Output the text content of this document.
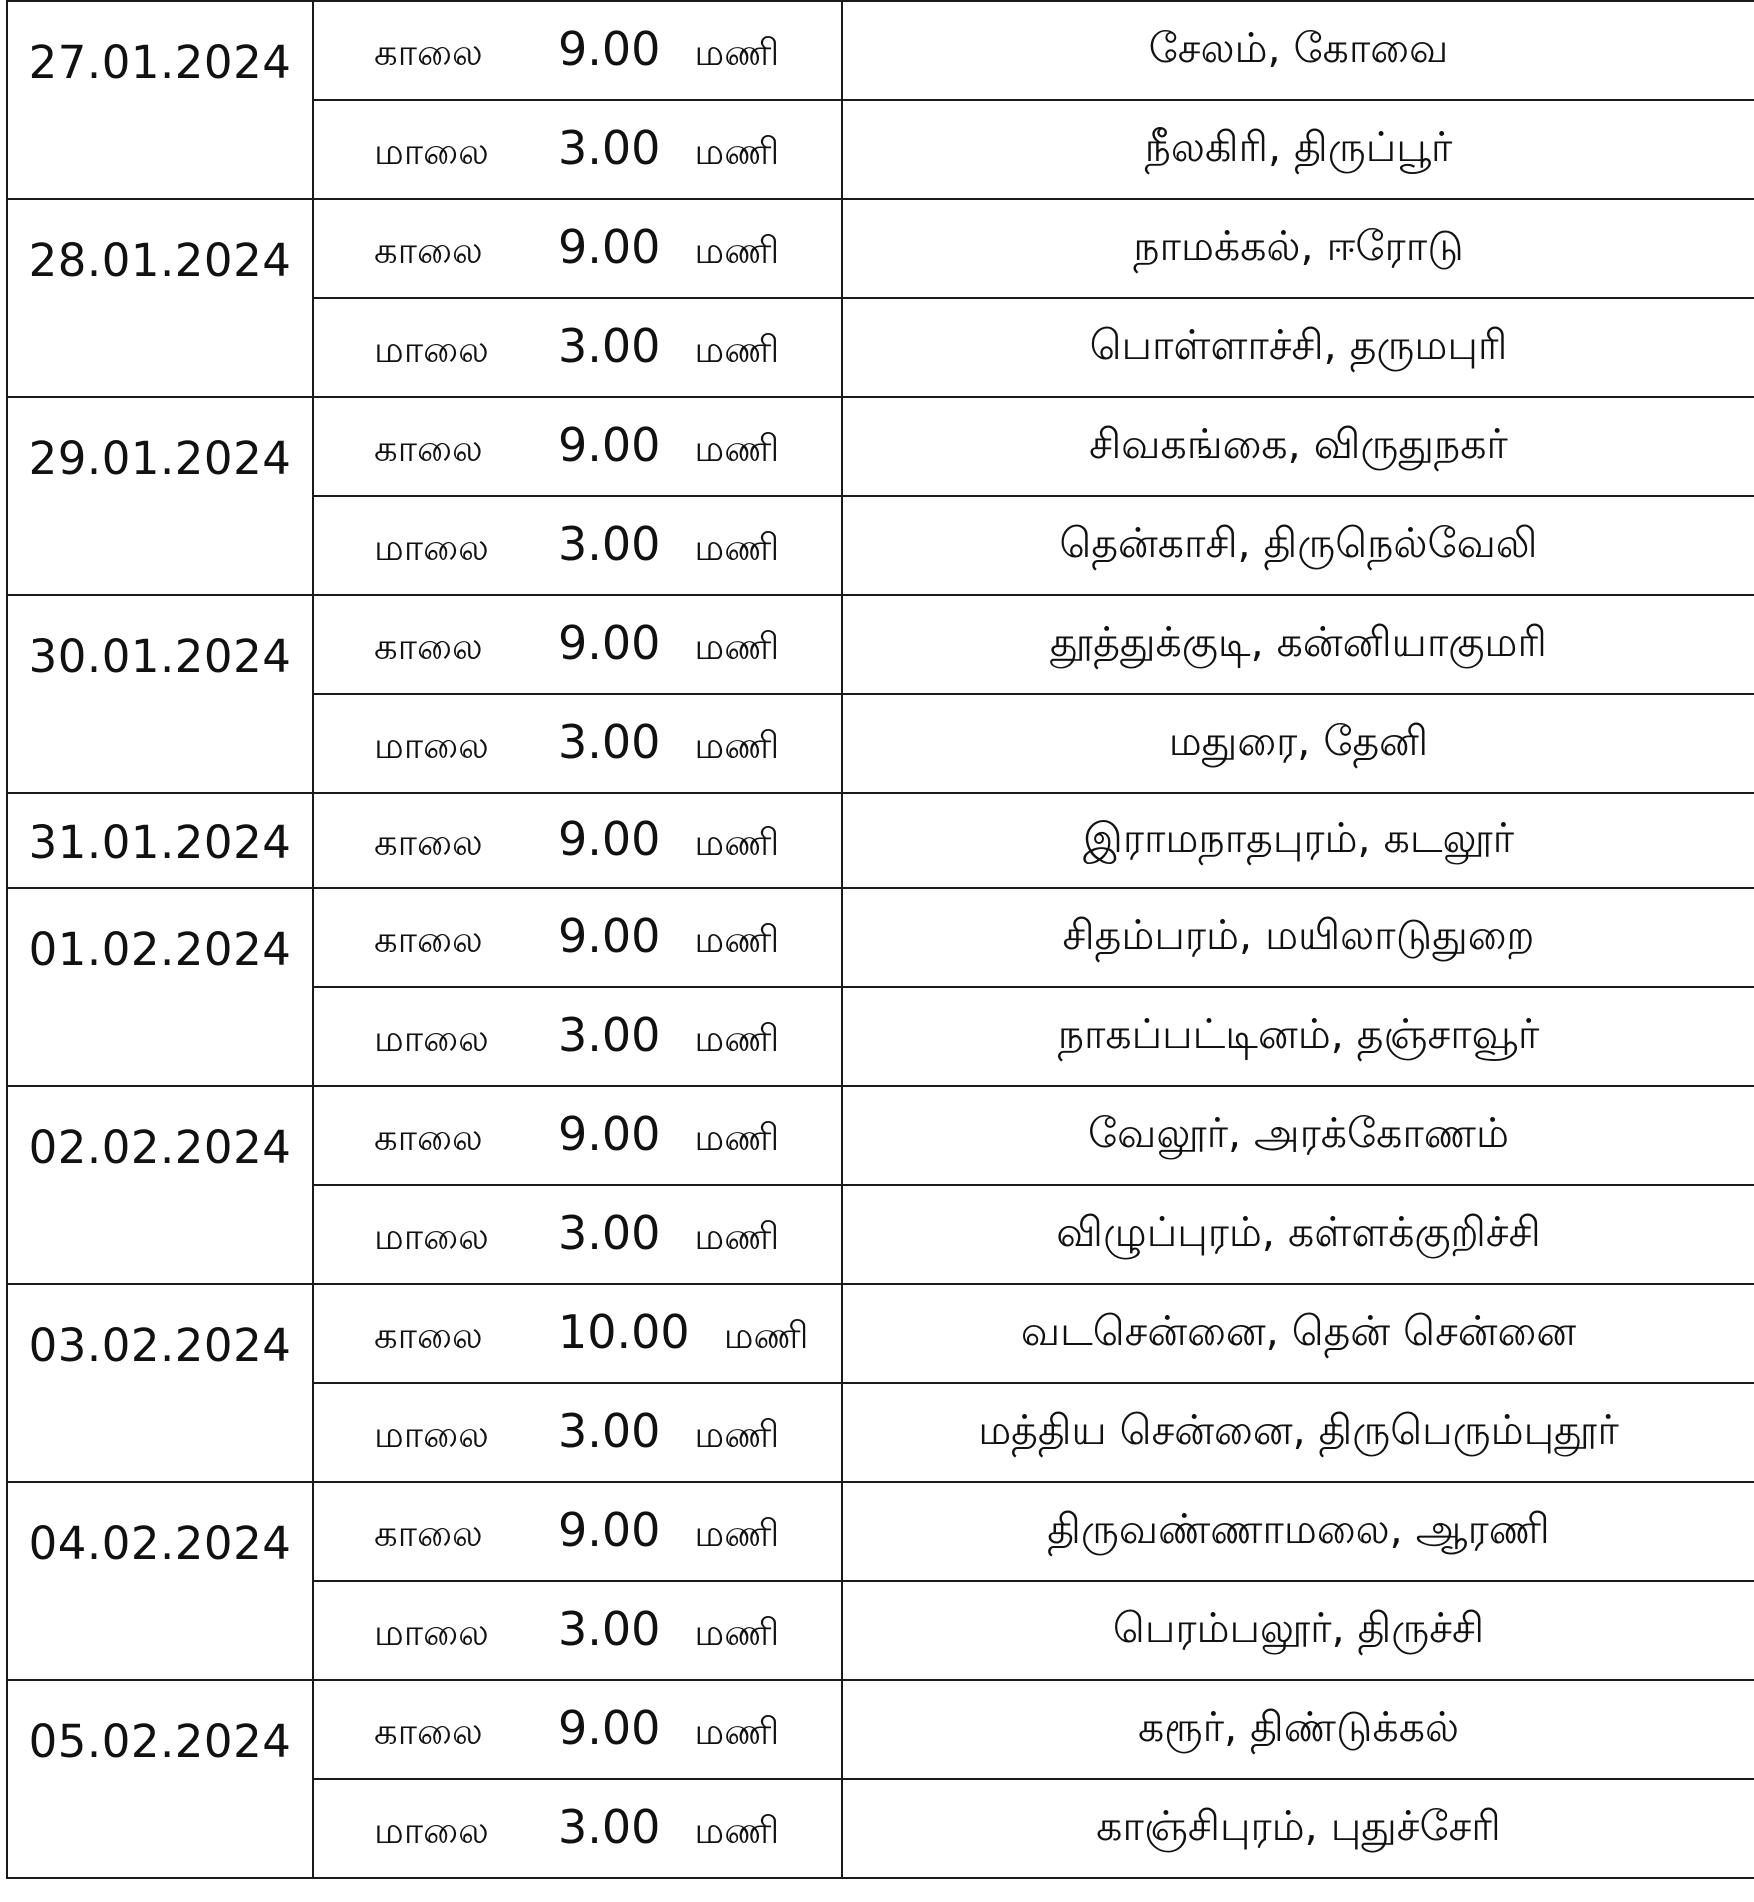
27.01.2024	காலை 9.00 மணி	சேலம், கோவை

	மாலை 3.00 மணி	நீலகிரி, திருப்பூர்
28.01.2024	காலை 9.00 மணி	நாமக்கல், ஈரோடு

	மாலை 3.00 மணி	பொள்ளாச்சி, தருமபுரி
29.01.2024	காலை 9.00 மணி	சிவகங்கை, விருதுநகர்

	மாலை 3.00 மணி	தென்காசி, திருநெல்வேலி
30.01.2024	காலை 9.00 மணி	தூத்துக்குடி, கன்னியாகுமரி

	மாலை 3.00 மணி	மதுரை, தேனி
31.01.2024	காலை 9.00 மணி	இராமநாதபுரம், கடலூர்
01.02.2024	காலை 9.00 மணி	சிதம்பரம், மயிலாடுதுறை

	மாலை 3.00 மணி	நாகப்பட்டினம், தஞ்சாவூர்
02.02.2024	காலை 9.00 மணி	வேலூர், அரக்கோணம்

	மாலை 3.00 மணி	விழுப்புரம், கள்ளக்குறிச்சி
03.02.2024	காலை 10.00 மணி	வடசென்னை, தென் சென்னை

	மாலை 3.00 மணி	மத்திய சென்னை, திருபெரும்புதூர்
04.02.2024	காலை 9.00 மணி	திருவண்ணாமலை, ஆரணி

	மாலை 3.00 மணி	பெரம்பலூர், திருச்சி
05.02.2024	காலை 9.00 மணி	கரூர், திண்டுக்கல்

	மாலை 3.00 மணி	காஞ்சிபுரம், புதுச்சேரி
